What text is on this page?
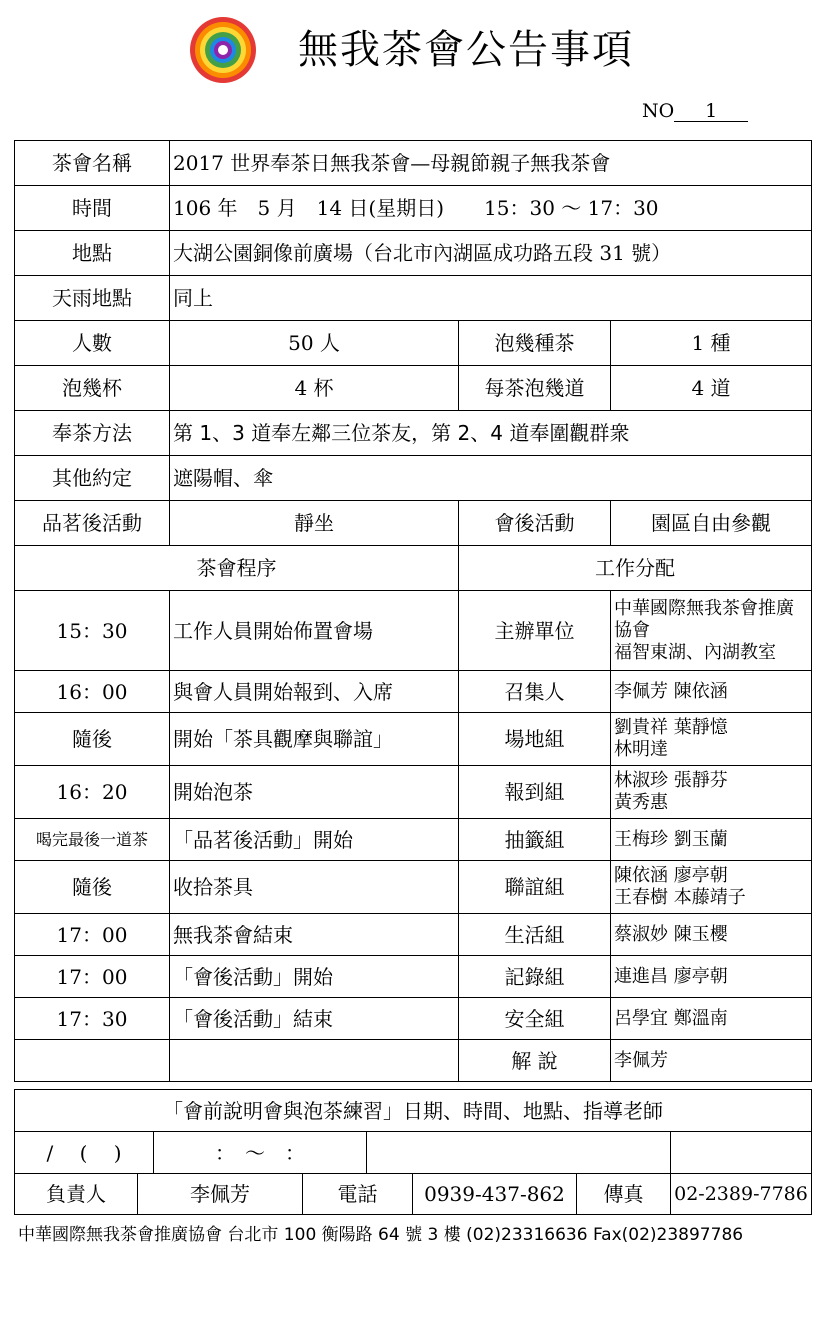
無我茶會公告事項
NO 1
茶會名稱	2017 世界奉茶日無我茶會—母親節親子無我茶會		
時間	106 年　5 月　14 日(星期日)　　15：30 ～ 17：30		
地點	大湖公園銅像前廣場（台北市內湖區成功路五段 31 號）		
天雨地點	同上		
人數	50 人	泡幾種茶	1 種
泡幾杯	4 杯	每茶泡幾道	4 道
奉茶方法	第 1、3 道奉左鄰三位茶友，第 2、4 道奉圍觀群衆		
其他約定	遮陽帽、傘		
品茗後活動	靜坐	會後活動	園區自由參觀
茶會程序		工作分配	
15：30	工作人員開始佈置會場	主辦單位	中華國際無我茶會推廣協會
福智東湖、內湖教室

16：00	與會人員開始報到、入席	召集人	李佩芳 陳依涵

隨後	開始「茶具觀摩與聯誼」	場地組	劉貴祥 葉靜憶
林明達

16：20	開始泡茶	報到組	林淑珍 張靜芬
黃秀惠

喝完最後一道茶	「品茗後活動」開始	抽籤組	王梅珍 劉玉蘭

隨後	收拾茶具	聯誼組	陳依涵 廖亭朝
王春樹 本藤靖子

17：00	無我茶會結束	生活組	蔡淑妙 陳玉櫻

17：00	「會後活動」開始	記錄組	連進昌 廖亭朝

17：30	「會後活動」結束	安全組	呂學宜 鄭溫南

		解 說	李佩芳
「會前說明會與泡茶練習」日期、時間、地點、指導老師							
/　 (　 )		：　～　：					
負責人	李佩芳		電話		0939-437-862	傳真	02-2389-7786
中華國際無我茶會推廣協會 台北市 100 衡陽路 64 號 3 樓 (02)23316636 Fax(02)23897786
